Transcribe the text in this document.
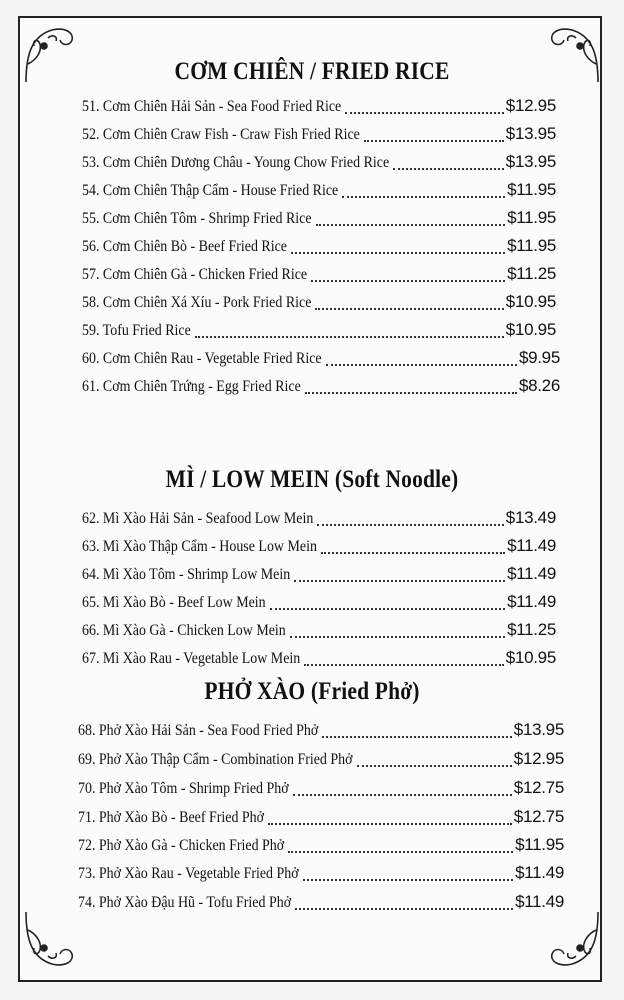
CƠM CHIÊN / FRIED RICE
51. Cơm Chiên Hải Sản - Sea Food Fried Rice	$12.95
52. Cơm Chiên Craw Fish - Craw Fish Fried Rice	$13.95
53. Cơm Chiên Dương Châu - Young Chow Fried Rice	$13.95
54. Cơm Chiên Thập Cẩm - House Fried Rice	$11.95
55. Cơm Chiên Tôm - Shrimp Fried Rice	$11.95
56. Cơm Chiên Bò - Beef Fried Rice	$11.95
57. Cơm Chiên Gà - Chicken Fried Rice	$11.25
58. Cơm Chiên Xá Xíu - Pork Fried Rice	$10.95
59. Tofu Fried Rice	$10.95
60. Cơm Chiên Rau - Vegetable Fried Rice	$9.95
61. Cơm Chiên Trứng - Egg Fried Rice	$8.26
MÌ / LOW MEIN (Soft Noodle)
62. Mì Xào Hải Sản - Seafood Low Mein	$13.49
63. Mì Xào Thập Cẩm - House Low Mein	$11.49
64. Mì Xào Tôm - Shrimp Low Mein	$11.49
65. Mì Xào Bò - Beef Low Mein	$11.49
66. Mì Xào Gà - Chicken Low Mein	$11.25
67. Mì Xào Rau - Vegetable Low Mein	$10.95
PHỞ XÀO (Fried Phở)
68. Phở Xào Hải Sản - Sea Food Fried Phở	$13.95
69. Phở Xào Thập Cẩm - Combination Fried Phở	$12.95
70. Phở Xào Tôm - Shrimp Fried Phở	$12.75
71. Phở Xào Bò - Beef Fried Phở	$12.75
72. Phở Xào Gà - Chicken Fried Phở	$11.95
73. Phở Xào Rau - Vegetable Fried Phở	$11.49
74. Phở Xào Đậu Hũ - Tofu Fried Phở	$11.49
